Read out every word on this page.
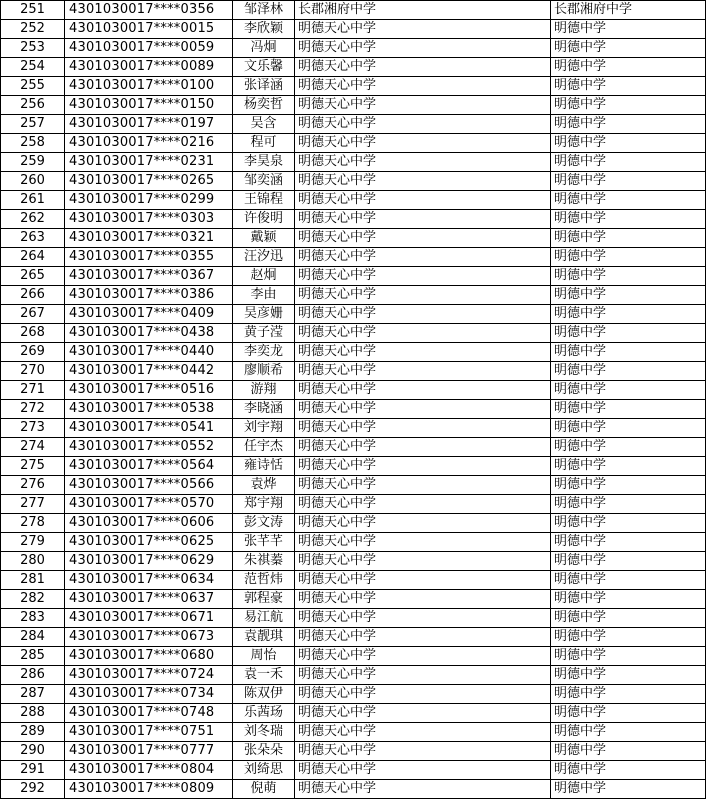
251	4301030017****0356	邹泽林	长郡湘府中学	长郡湘府中学
252	4301030017****0015	李欣颖	明德天心中学	明德中学
253	4301030017****0059	冯炯	明德天心中学	明德中学
254	4301030017****0089	文乐馨	明德天心中学	明德中学
255	4301030017****0100	张译涵	明德天心中学	明德中学
256	4301030017****0150	杨奕哲	明德天心中学	明德中学
257	4301030017****0197	吴含	明德天心中学	明德中学
258	4301030017****0216	程可	明德天心中学	明德中学
259	4301030017****0231	李昊泉	明德天心中学	明德中学
260	4301030017****0265	邹奕涵	明德天心中学	明德中学
261	4301030017****0299	王锦程	明德天心中学	明德中学
262	4301030017****0303	许俊明	明德天心中学	明德中学
263	4301030017****0321	戴颖	明德天心中学	明德中学
264	4301030017****0355	汪汐迅	明德天心中学	明德中学
265	4301030017****0367	赵炯	明德天心中学	明德中学
266	4301030017****0386	李由	明德天心中学	明德中学
267	4301030017****0409	吴彦姗	明德天心中学	明德中学
268	4301030017****0438	黄子滢	明德天心中学	明德中学
269	4301030017****0440	李奕龙	明德天心中学	明德中学
270	4301030017****0442	廖顺希	明德天心中学	明德中学
271	4301030017****0516	游翔	明德天心中学	明德中学
272	4301030017****0538	李晓涵	明德天心中学	明德中学
273	4301030017****0541	刘宇翔	明德天心中学	明德中学
274	4301030017****0552	任宇杰	明德天心中学	明德中学
275	4301030017****0564	雍诗恬	明德天心中学	明德中学
276	4301030017****0566	袁烨	明德天心中学	明德中学
277	4301030017****0570	郑宇翔	明德天心中学	明德中学
278	4301030017****0606	彭文涛	明德天心中学	明德中学
279	4301030017****0625	张芊芊	明德天心中学	明德中学
280	4301030017****0629	朱祺蓁	明德天心中学	明德中学
281	4301030017****0634	范哲炜	明德天心中学	明德中学
282	4301030017****0637	郭程豪	明德天心中学	明德中学
283	4301030017****0671	易江航	明德天心中学	明德中学
284	4301030017****0673	袁靓琪	明德天心中学	明德中学
285	4301030017****0680	周怡	明德天心中学	明德中学
286	4301030017****0724	袁一禾	明德天心中学	明德中学
287	4301030017****0734	陈双伊	明德天心中学	明德中学
288	4301030017****0748	乐茜玚	明德天心中学	明德中学
289	4301030017****0751	刘冬瑞	明德天心中学	明德中学
290	4301030017****0777	张朵朵	明德天心中学	明德中学
291	4301030017****0804	刘绮思	明德天心中学	明德中学
292	4301030017****0809	倪萌	明德天心中学	明德中学
